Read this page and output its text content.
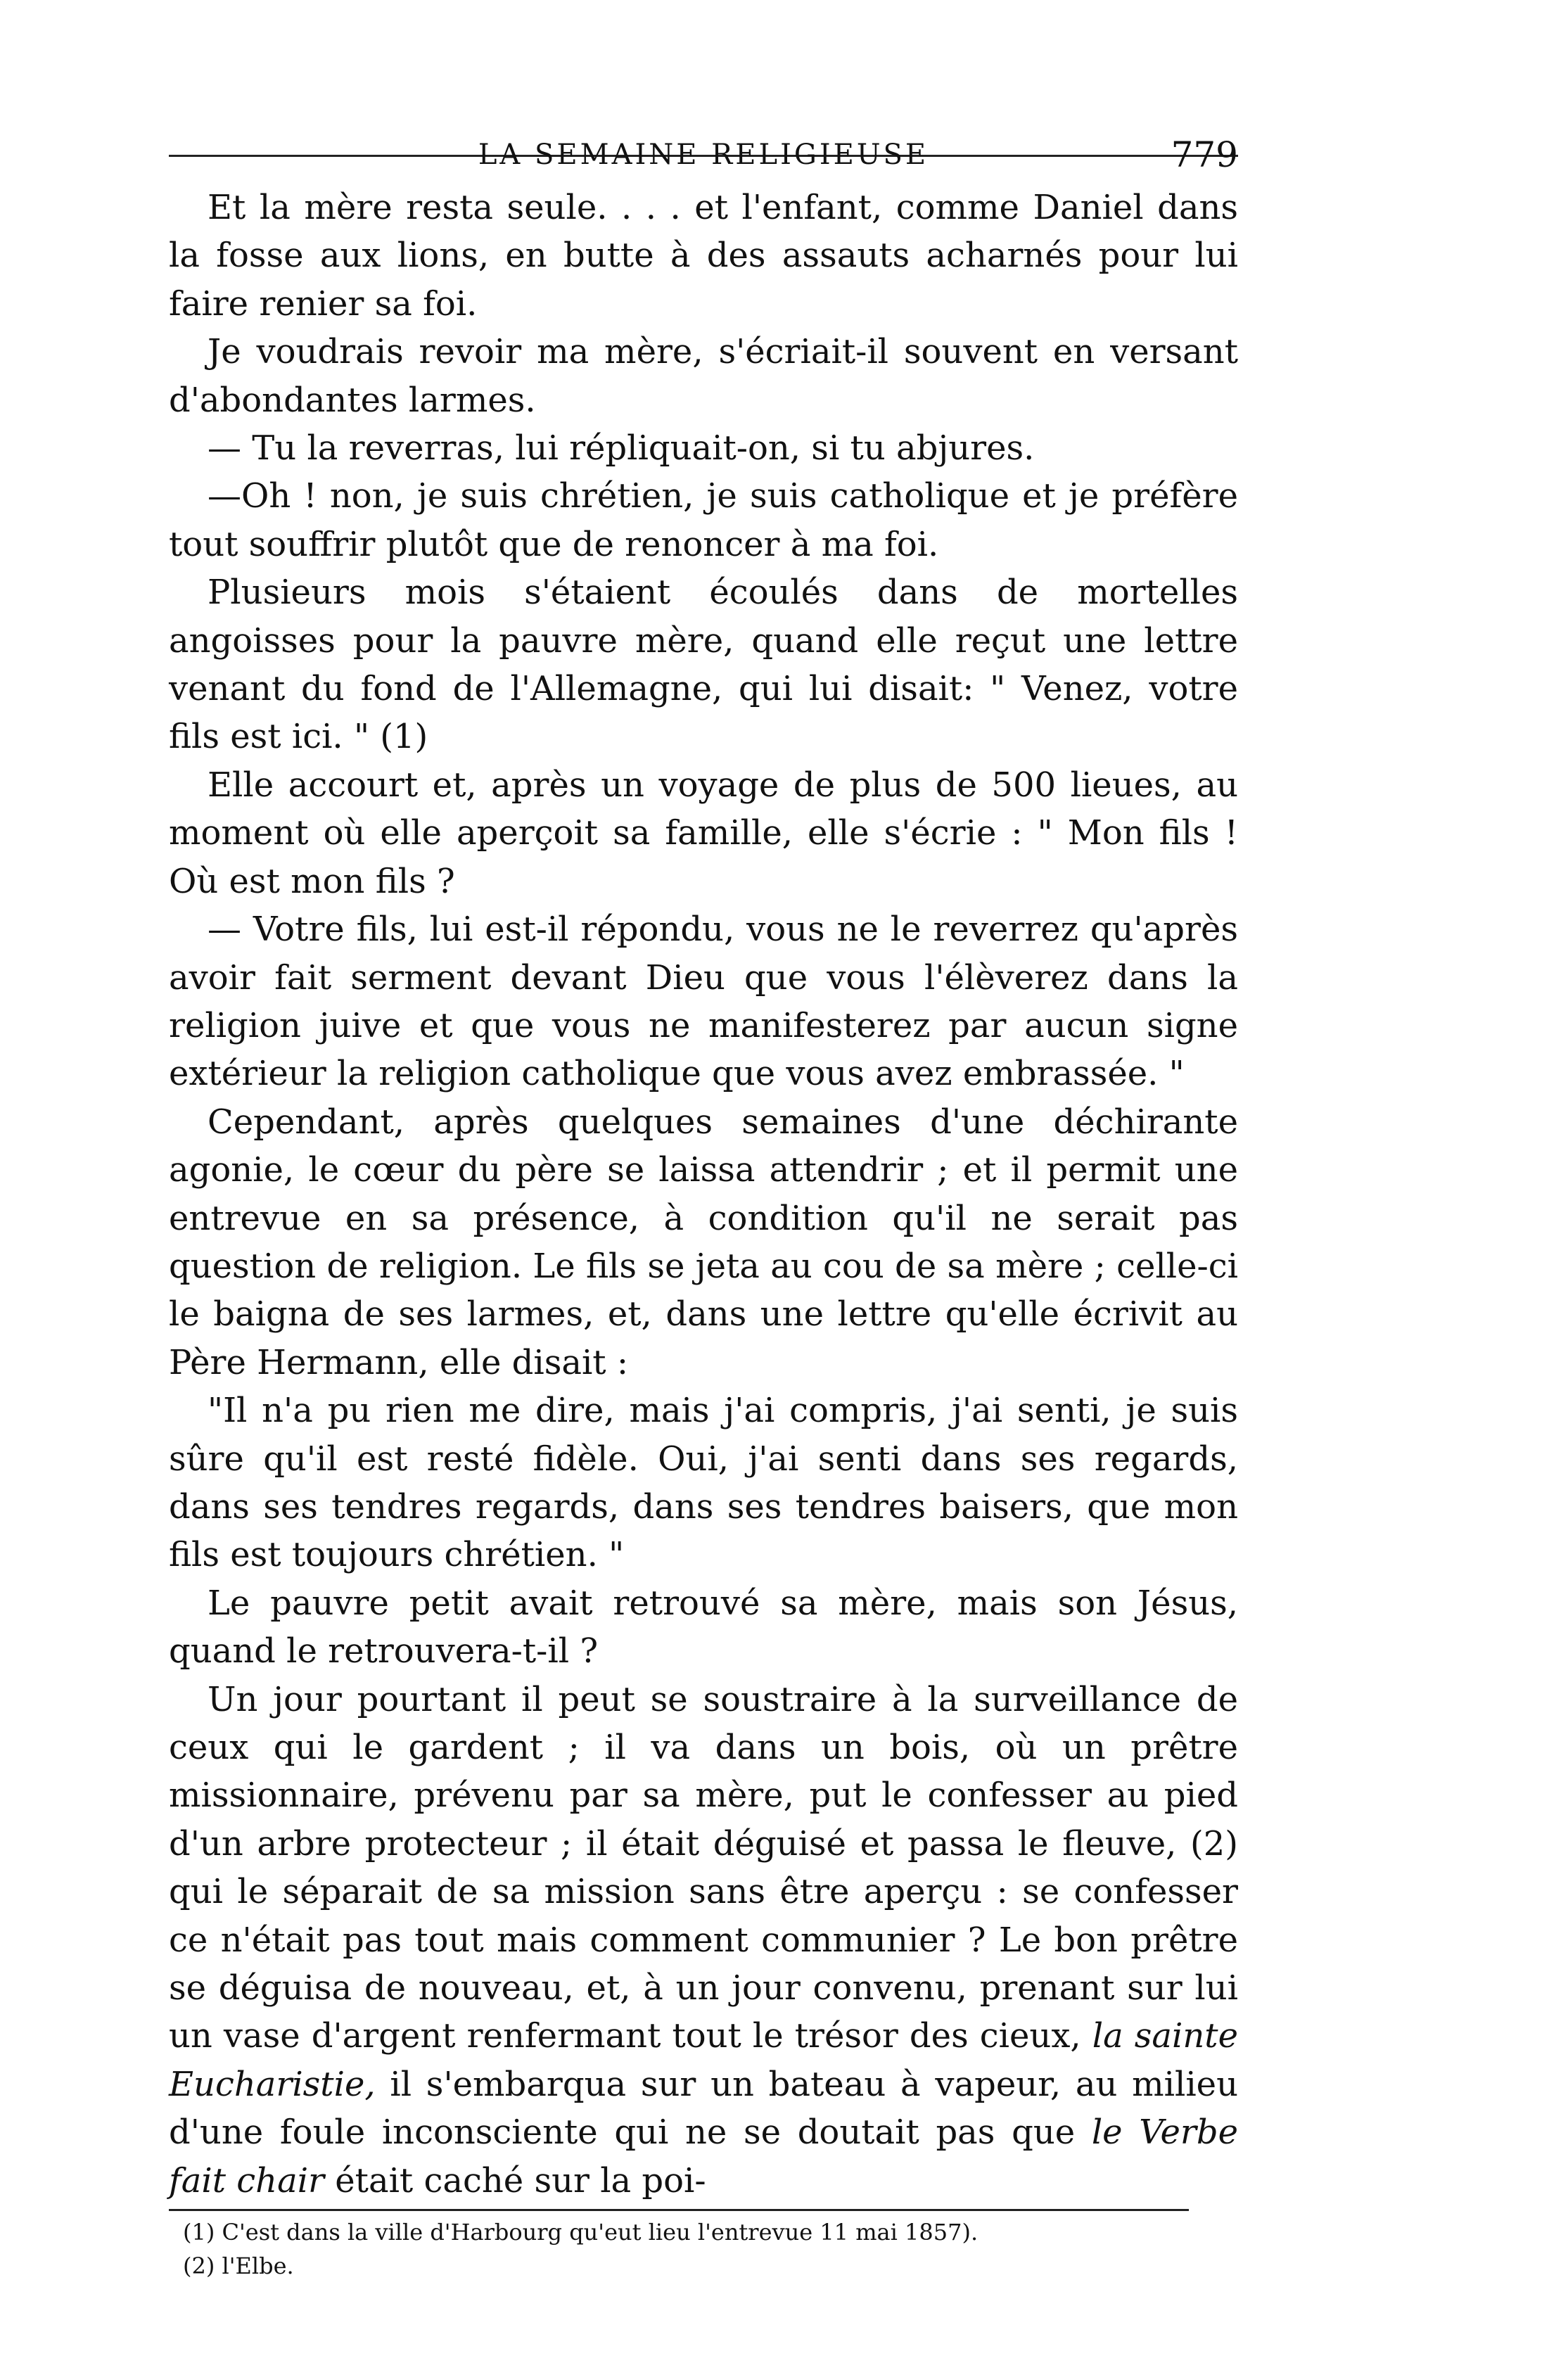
LA SEMAINE RELIGIEUSE	779

Et la mère resta seule. . . . et l'enfant, comme Daniel dans la fosse aux lions, en butte à des assauts acharnés pour lui faire renier sa foi.

Je voudrais revoir ma mère, s'écriait-il souvent en versant d'abondantes larmes.

— Tu la reverras, lui répliquait-on, si tu abjures.

—Oh ! non, je suis chrétien, je suis catholique et je préfère tout souffrir plutôt que de renoncer à ma foi.

Plusieurs mois s'étaient écoulés dans de mortelles angoisses pour la pauvre mère, quand elle reçut une lettre venant du fond de l'Allemagne, qui lui disait: " Venez, votre fils est ici. " (1)

Elle accourt et, après un voyage de plus de 500 lieues, au moment où elle aperçoit sa famille, elle s'écrie : " Mon fils ! Où est mon fils ?

— Votre fils, lui est-il répondu, vous ne le reverrez qu'après avoir fait serment devant Dieu que vous l'élèverez dans la religion juive et que vous ne manifesterez par aucun signe extérieur la religion catholique que vous avez embrassée. "

Cependant, après quelques semaines d'une déchirante agonie, le cœur du père se laissa attendrir ; et il permit une entrevue en sa présence, à condition qu'il ne serait pas question de religion. Le fils se jeta au cou de sa mère ; celle-ci le baigna de ses larmes, et, dans une lettre qu'elle écrivit au Père Hermann, elle disait :

"Il n'a pu rien me dire, mais j'ai compris, j'ai senti, je suis sûre qu'il est resté fidèle. Oui, j'ai senti dans ses regards, dans ses tendres regards, dans ses tendres baisers, que mon fils est toujours chrétien. "

Le pauvre petit avait retrouvé sa mère, mais son Jésus, quand le retrouvera-t-il ?

Un jour pourtant il peut se soustraire à la surveillance de ceux qui le gardent ; il va dans un bois, où un prêtre missionnaire, prévenu par sa mère, put le confesser au pied d'un arbre protecteur ; il était déguisé et passa le fleuve, (2) qui le séparait de sa mission sans être aperçu : se confesser ce n'était pas tout mais comment communier ? Le bon prêtre se déguisa de nouveau, et, à un jour convenu, prenant sur lui un vase d'argent renfermant tout le trésor des cieux, la sainte Eucharistie, il s'embarqua sur un bateau à vapeur, au milieu d'une foule inconsciente qui ne se doutait pas que le Verbe fait chair était caché sur la poi-

(1) C'est dans la ville d'Harbourg qu'eut lieu l'entrevue 11 mai 1857).

(2) l'Elbe.
